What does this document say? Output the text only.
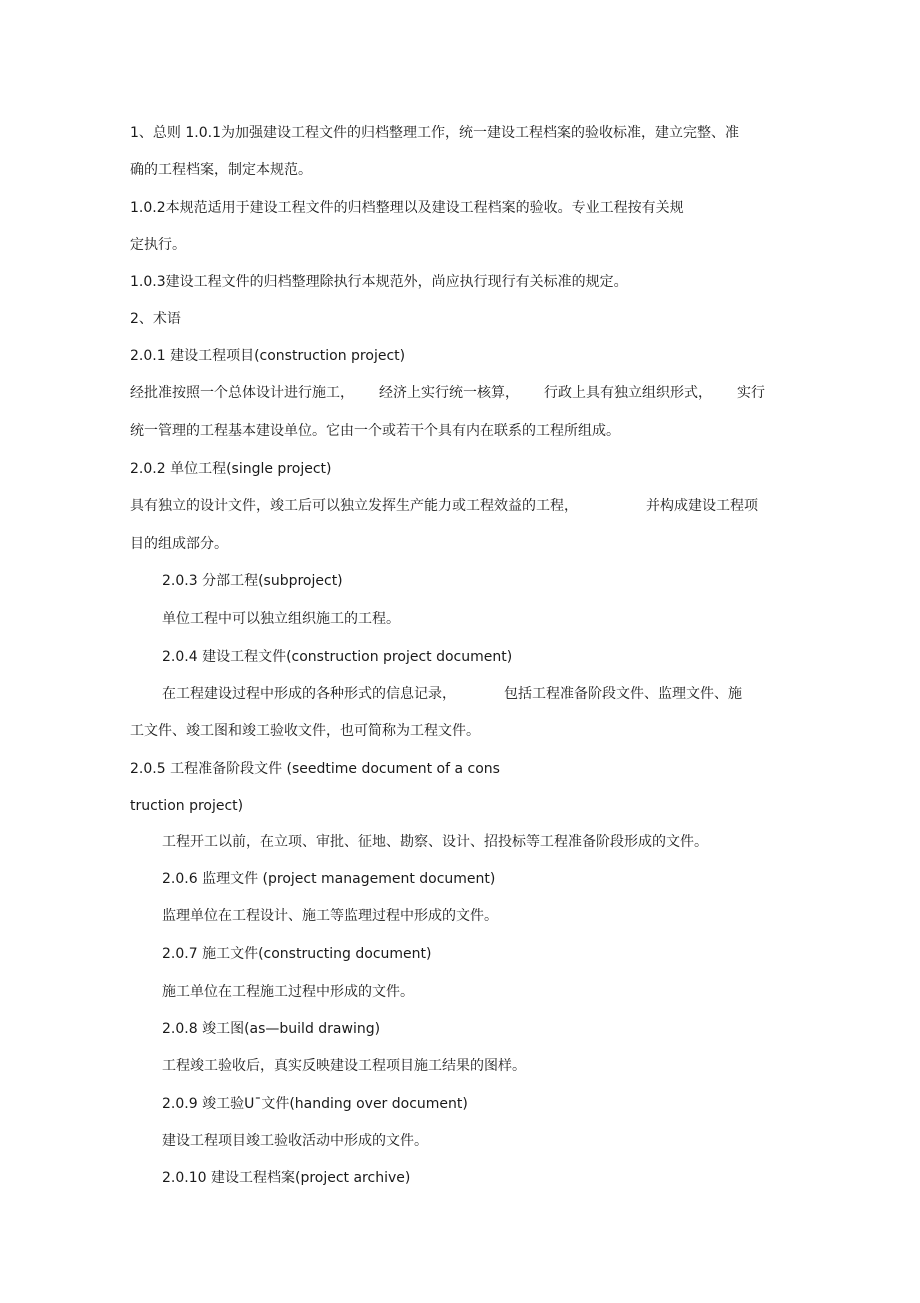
1、总则 1.0.1为加强建设工程文件的归档整理工作，统一建设工程档案的验收标准，建立完整、准
确的工程档案，制定本规范。
1.0.2本规范适用于建设工程文件的归档整理以及建设工程档案的验收。专业工程按有关规
定执行。
1.0.3建设工程文件的归档整理除执行本规范外，尚应执行现行有关标准的规定。
2、术语
2.0.1 建设工程项目(construction project)
经批准按照一个总体设计进行施工， 经济上实行统一核算， 行政上具有独立组织形式， 实行
统一管理的工程基本建设单位。它由一个或若干个具有内在联系的工程所组成。
2.0.2 单位工程(single project)
具有独立的设计文件，竣工后可以独立发挥生产能力或工程效益的工程，	并构成建设工程项
目的组成部分。
2.0.3 分部工程(subproject)
单位工程中可以独立组织施工的工程。
2.0.4 建设工程文件(construction project document)
在工程建设过程中形成的各种形式的信息记录，	包括工程准备阶段文件、监理文件、施
工文件、竣工图和竣工验收文件，也可简称为工程文件。
2.0.5 工程准备阶段文件 (seedtime document of a cons
truction project)
工程开工以前，在立项、审批、征地、勘察、设计、招投标等工程准备阶段形成的文件。
2.0.6 监理文件 (project management document)
监理单位在工程设计、施工等监理过程中形成的文件。
2.0.7 施工文件(constructing document)
施工单位在工程施工过程中形成的文件。
2.0.8 竣工图(as—build drawing)
工程竣工验收后，真实反映建设工程项目施工结果的图样。
2.0.9 竣工验Uˉ文件(handing over document)
建设工程项目竣工验收活动中形成的文件。
2.0.10 建设工程档案(project archive)
